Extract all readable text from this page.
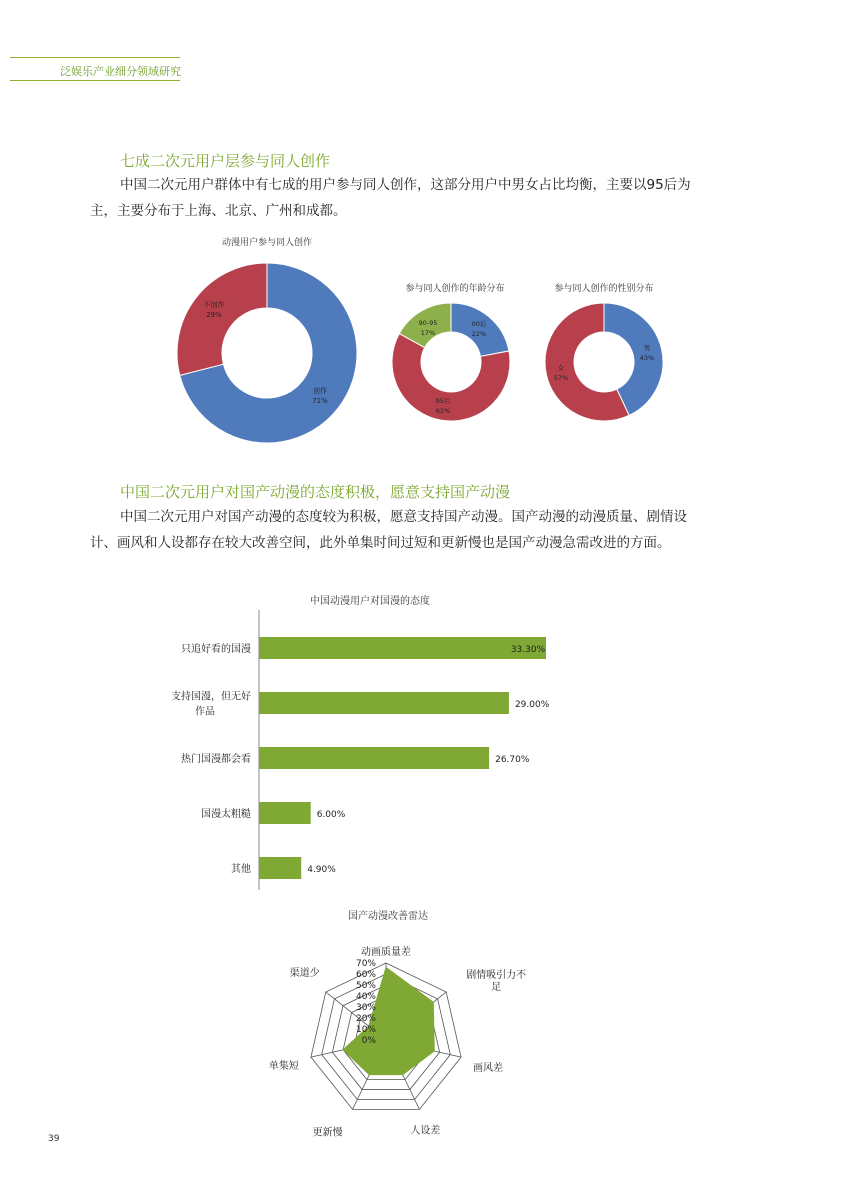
泛娱乐产业细分领域研究
七成二次元用户层参与同人创作
中国二次元用户群体中有七成的用户参与同人创作，这部分用户中男女占比均衡，主要以95后为
主，主要分布于上海、北京、广州和成都。
动漫用户参与同人创作
创作
71%
不创作
29%
参与同人创作的年龄分布
00后
22%
95后
61%
90-95
17%
参与同人创作的性别分布
男
43%
女
57%
中国二次元用户对国产动漫的态度积极，愿意支持国产动漫
中国二次元用户对国产动漫的态度较为积极，愿意支持国产动漫。国产动漫的动漫质量、剧情设
计、画风和人设都存在较大改善空间，此外单集时间过短和更新慢也是国产动漫急需改进的方面。
中国动漫用户对国漫的态度
只追好看的国漫	33.30%
支持国漫，但无好
作品
29.00%
热门国漫都会看	26.70%
国漫太粗糙	6.00%
其他	4.90%
国产动漫改善雷达
0%
10%
20%
30%
40%
50%
60%
70%
动画质量差
剧情吸引力不
足
画风差
人设差
更新慢
单集短
渠道少
39
